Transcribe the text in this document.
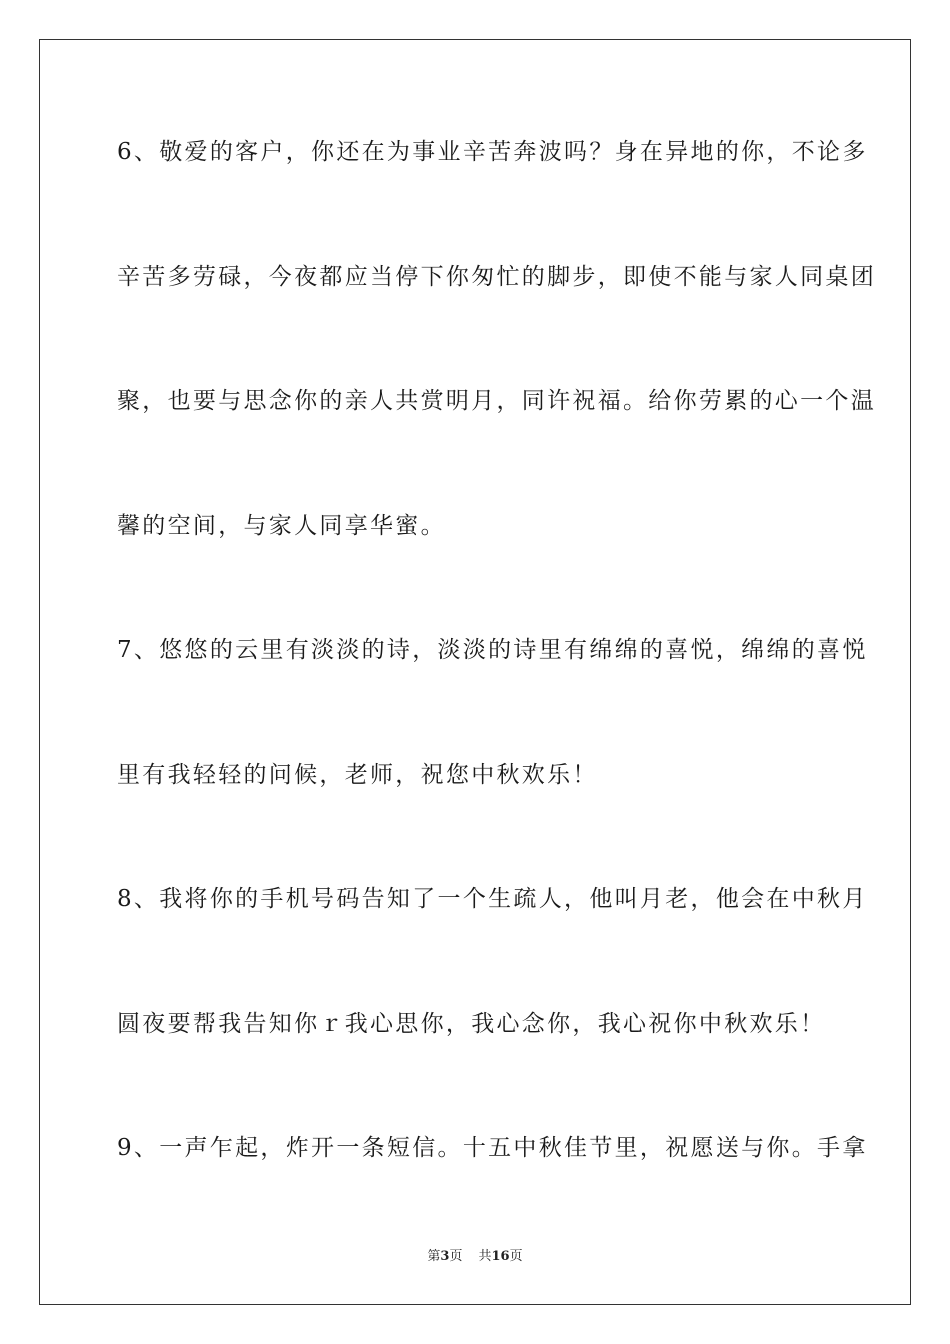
6、敬爱的客户，你还在为事业辛苦奔波吗？身在异地的你，不论多
辛苦多劳碌，今夜都应当停下你匆忙的脚步，即使不能与家人同桌团
聚，也要与思念你的亲人共赏明月，同许祝福。给你劳累的心一个温
馨的空间，与家人同享华蜜。
7、悠悠的云里有淡淡的诗，淡淡的诗里有绵绵的喜悦，绵绵的喜悦
里有我轻轻的问候，老师，祝您中秋欢乐！
8、我将你的手机号码告知了一个生疏人，他叫月老，他会在中秋月
圆夜要帮我告知你ｒ我心思你，我心念你，我心祝你中秋欢乐！
9、一声乍起，炸开一条短信。十五中秋佳节里，祝愿送与你。手拿
第3页 共16页
